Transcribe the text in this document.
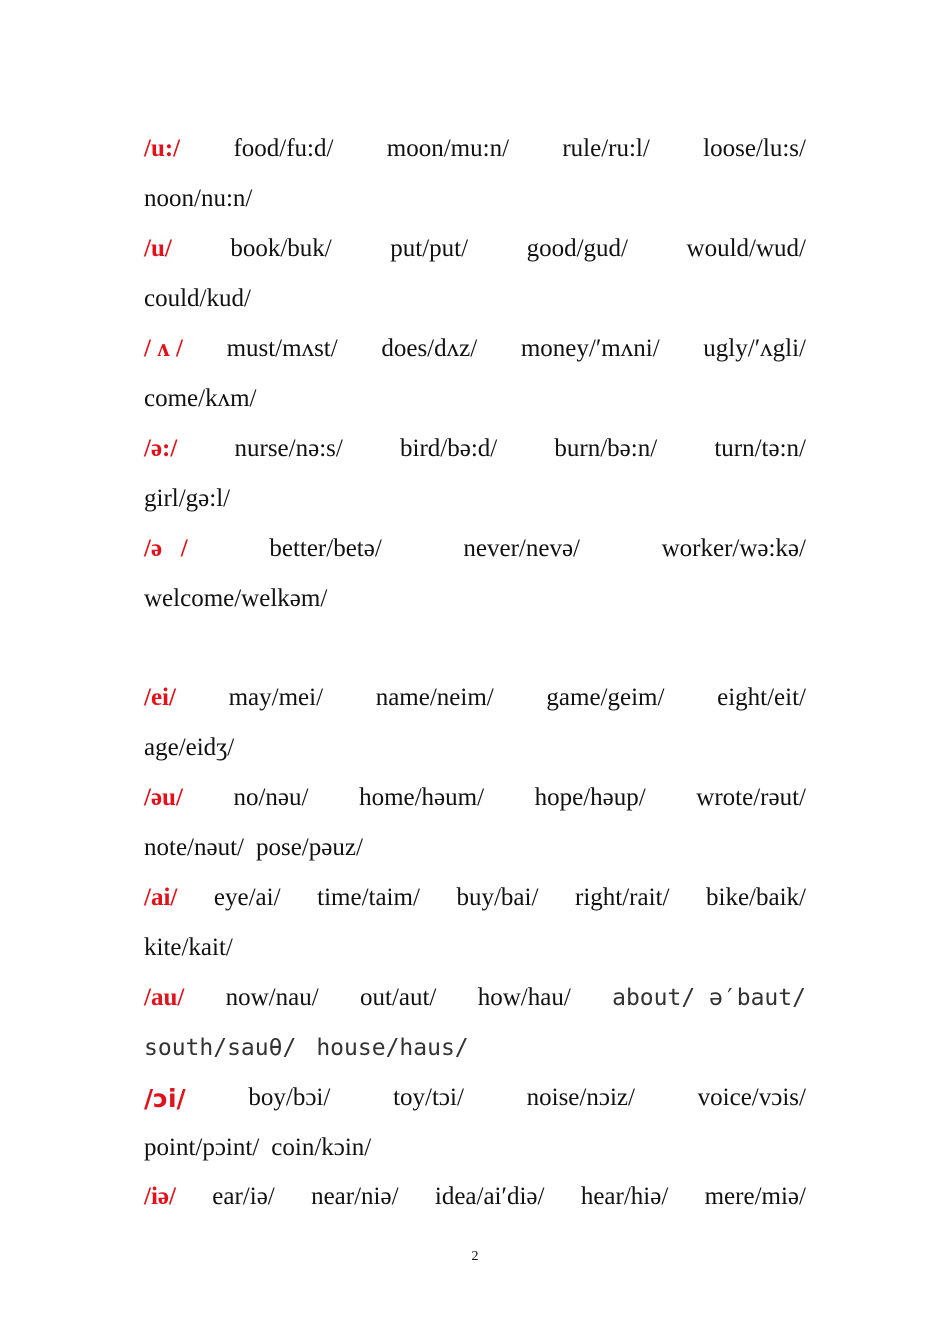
/u:/ food/fu:d/ moon/mu:n/ rule/ru:l/ loose/lu:s/
noon/nu:n/
/u/ book/buk/ put/put/ good/gud/ would/wud/
could/kud/
/ ʌ / must/mʌst/ does/dʌz/ money/′mʌni/ ugly/′ʌgli/
come/kʌm/
/ə:/ nurse/nə:s/ bird/bə:d/ burn/bə:n/ turn/tə:n/
girl/gə:l/
/ə   /	better/betə/	never/nevə/	worker/wə:kə/
welcome/welkəm/
/ei/ may/mei/ name/neim/ game/geim/ eight/eit/
age/eidʒ/
/əu/ no/nəu/ home/həum/ hope/həup/ wrote/rəut/
note/nəut/ pose/pəuz/
/ai/ eye/ai/ time/taim/ buy/bai/ right/rait/ bike/baik/
kite/kait/
/au/ now/nau/ out/aut/ how/hau/ about/ ə′baut/
south/sauθ/ house/haus/
/ɔi/	boy/bɔi/	toy/tɔi/	noise/nɔiz/	voice/vɔis/
point/pɔint/ coin/kɔin/
/iə/ ear/iə/ near/niə/ idea/ai′diə/ hear/hiə/ mere/miə/
2
